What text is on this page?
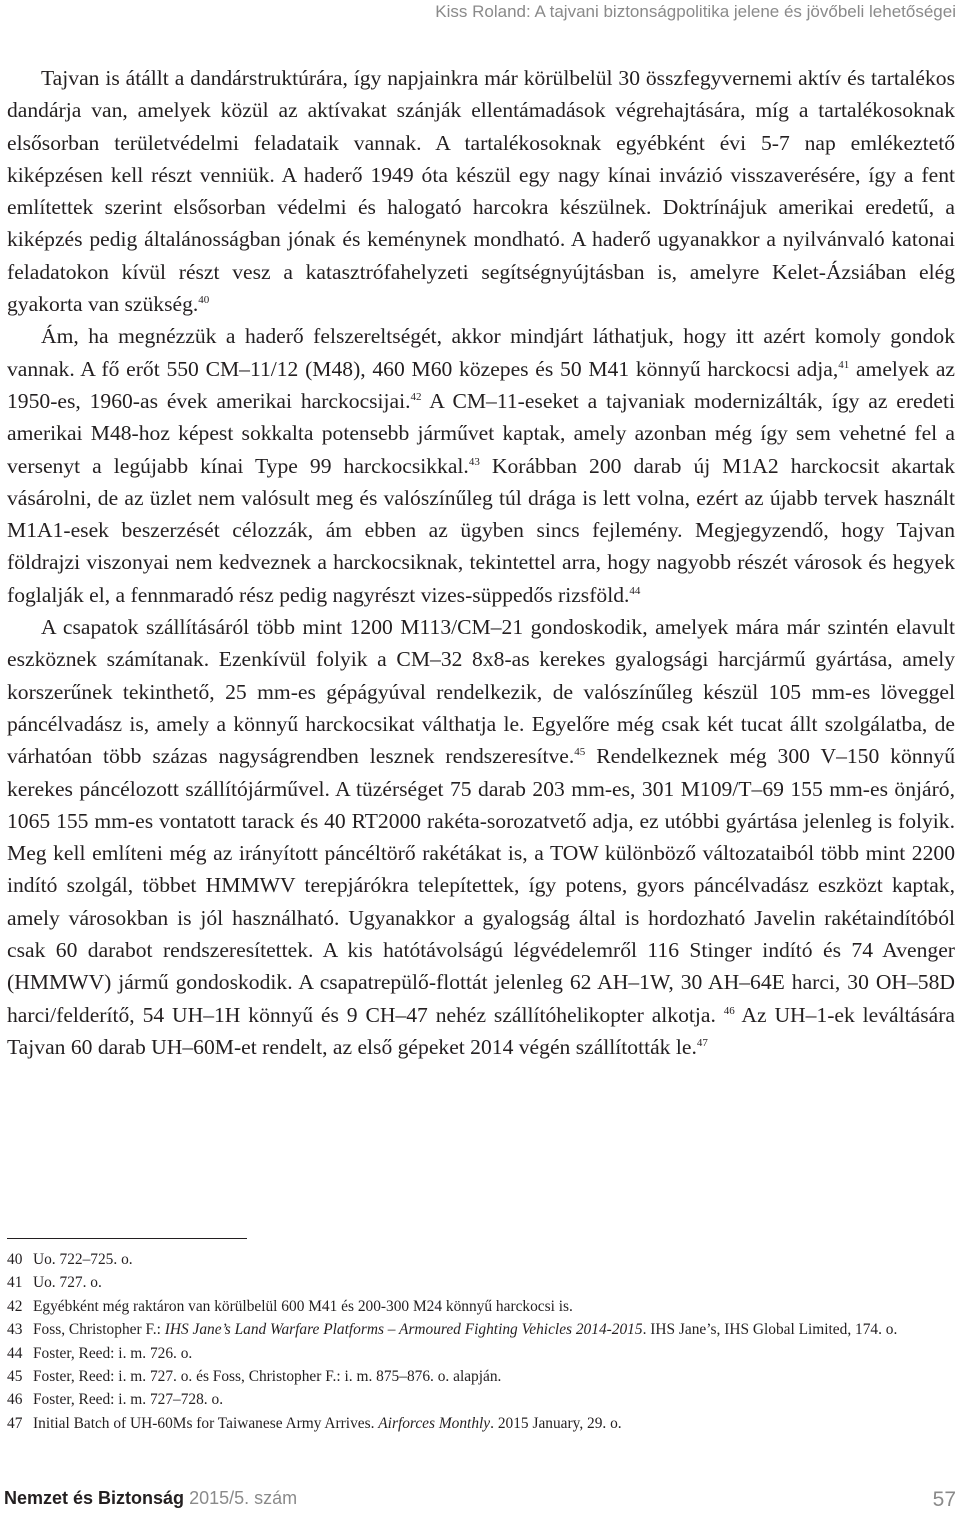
Kiss Roland: A tajvani biztonságpolitika jelene és jövőbeli lehetőségei

Tajvan is átállt a dandárstruktúrára, így napjainkra már körülbelül 30 összfegyvernemi aktív és tartalékos dandárja van, amelyek közül az aktívakat szánják ellentámadások végrehajtására, míg a tartalékosoknak elsősorban területvédelmi feladataik vannak. A tartalékosoknak egyébként évi 5-7 nap emlékeztető kiképzésen kell részt venniük. A haderő 1949 óta készül egy nagy kínai invázió visszaverésére, így a fent említettek szerint elsősorban védelmi és halogató harcokra készülnek. Doktrínájuk amerikai eredetű, a kiképzés pedig általánosságban jónak és keménynek mondható. A haderő ugyanakkor a nyilvánvaló katonai feladatokon kívül részt vesz a katasztrófahelyzeti segítségnyújtásban is, amelyre Kelet-Ázsiában elég gyakorta van szükség.$^{40}$

Ám, ha megnézzük a haderő felszereltségét, akkor mindjárt láthatjuk, hogy itt azért komoly gondok vannak. A fő erőt 550 CM–11/12 (M48), 460 M60 közepes és 50 M41 könnyű harckocsi adja,$^{41}$ amelyek az 1950-es, 1960-as évek amerikai harckocsijai.$^{42}$ A CM–11-eseket a tajvaniak modernizálták, így az eredeti amerikai M48-hoz képest sokkalta potensebb járművet kaptak, amely azonban még így sem vehetné fel a versenyt a legújabb kínai Type 99 harckocsikkal.$^{43}$ Korábban 200 darab új M1A2 harckocsit akartak vásárolni, de az üzlet nem valósult meg és valószínűleg túl drága is lett volna, ezért az újabb tervek használt M1A1-esek beszerzését célozzák, ám ebben az ügyben sincs fejlemény. Megjegyzendő, hogy Tajvan földrajzi viszonyai nem kedveznek a harckocsiknak, tekintettel arra, hogy nagyobb részét városok és hegyek foglalják el, a fennmaradó rész pedig nagyrészt vizes-süppedős rizsföld.$^{44}$

A csapatok szállításáról több mint 1200 M113/CM–21 gondoskodik, amelyek mára már szintén elavult eszköznek számítanak. Ezenkívül folyik a CM–32 8x8-as kerekes gyalogsági harcjármű gyártása, amely korszerűnek tekinthető, 25 mm-es gépágyúval rendelkezik, de valószínűleg készül 105 mm-es löveggel páncélvadász is, amely a könnyű harckocsikat válthatja le. Egyelőre még csak két tucat állt szolgálatba, de várhatóan több százas nagyságrendben lesznek rendszeresítve.$^{45}$ Rendelkeznek még 300 V–150 könnyű kerekes páncélozott szállítójárművel. A tüzérséget 75 darab 203 mm-es, 301 M109/T–69 155 mm-es önjáró, 1065 155 mm-es vontatott tarack és 40 RT2000 rakéta-sorozatvető adja, ez utóbbi gyártása jelenleg is folyik. Meg kell említeni még az irányított páncéltörő rakétákat is, a TOW különböző változataiból több mint 2200 indító szolgál, többet HMMWV terepjárókra telepítettek, így potens, gyors páncélvadász eszközt kaptak, amely városokban is jól használható. Ugyanakkor a gyalogság által is hordozható Javelin rakétaindítóból csak 60 darabot rendszeresítettek. A kis hatótávolságú légvédelemről 116 Stinger indító és 74 Avenger (HMMWV) jármű gondoskodik. A csapatrepülő-flottát jelenleg 62 AH–1W, 30 AH–64E harci, 30 OH–58D harci/felderítő, 54 UH–1H könnyű és 9 CH–47 nehéz szállítóhelikopter alkotja. $^{46}$ Az UH–1-ek leváltására Tajvan 60 darab UH–60M-et rendelt, az első gépeket 2014 végén szállították le.$^{47}$

40 Uo. 722–725. o.
41 Uo. 727. o.
42 Egyébként még raktáron van körülbelül 600 M41 és 200-300 M24 könnyű harckocsi is.
43 Foss, Christopher F.: IHS Jane’s Land Warfare Platforms – Armoured Fighting Vehicles 2014-2015. IHS Jane’s, IHS Global Limited, 174. o.
44 Foster, Reed: i. m. 726. o.
45 Foster, Reed: i. m. 727. o. és Foss, Christopher F.: i. m. 875–876. o. alapján.
46 Foster, Reed: i. m. 727–728. o.
47 Initial Batch of UH-60Ms for Taiwanese Army Arrives. Airforces Monthly. 2015 January, 29. o.
Nemzet és Biztonság 2015/5. szám	57
